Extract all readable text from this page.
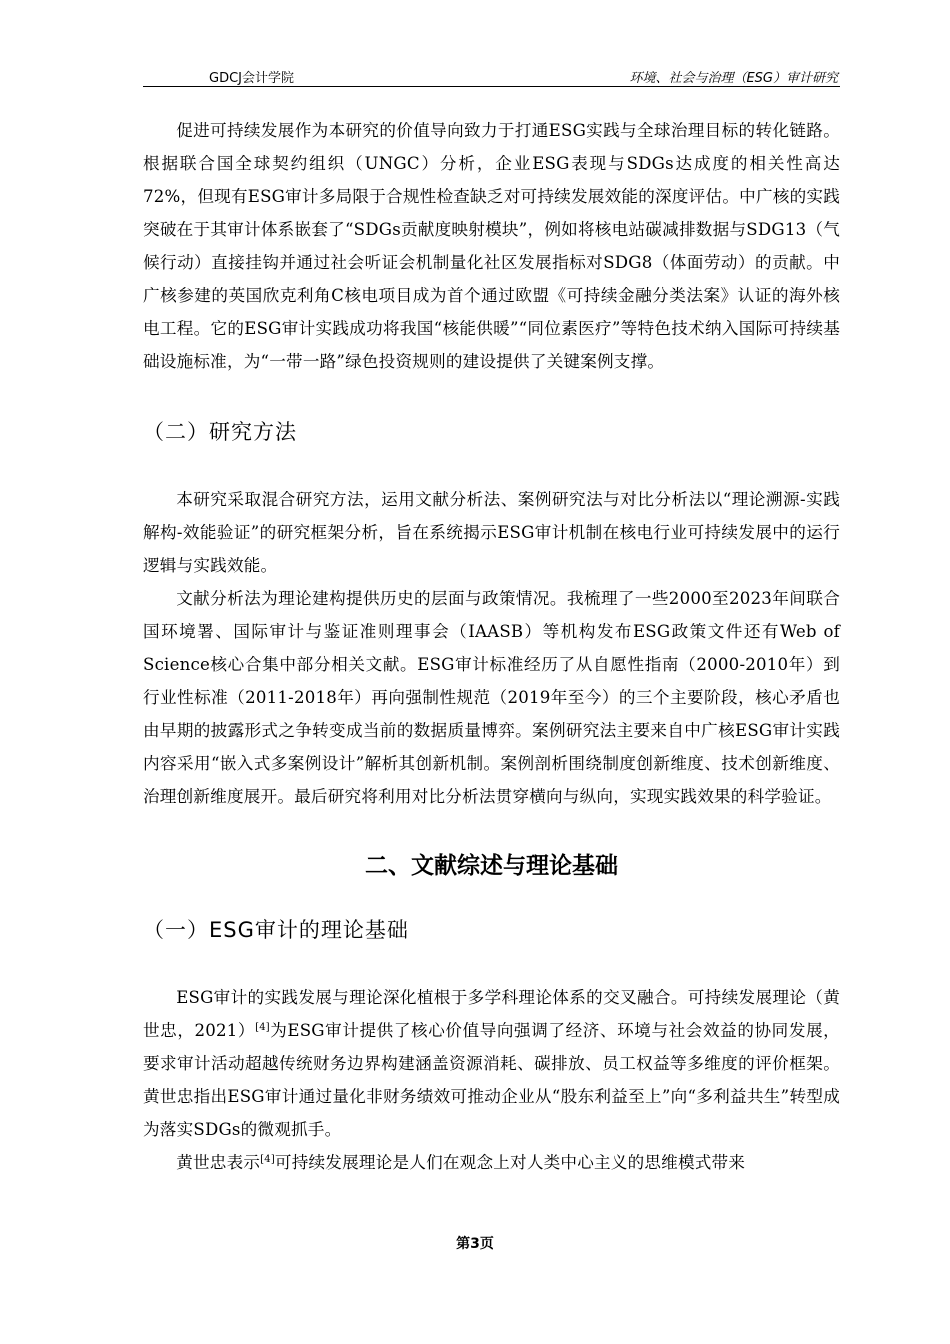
GDCJ会计学院	环境、社会与治理（ESG）审计研究

促进可持续发展作为本研究的价值导向致力于打通ESG实践与全球治理目标的转化链路。根据联合国全球契约组织（UNGC）分析，企业ESG表现与SDGs达成度的相关性高达72%，但现有ESG审计多局限于合规性检查缺乏对可持续发展效能的深度评估。中广核的实践突破在于其审计体系嵌套了“SDGs贡献度映射模块”，例如将核电站碳减排数据与SDG13（气候行动）直接挂钩并通过社会听证会机制量化社区发展指标对SDG8（体面劳动）的贡献。中广核参建的英国欣克利角C核电项目成为首个通过欧盟《可持续金融分类法案》认证的海外核电工程。它的ESG审计实践成功将我国“核能供暖”“同位素医疗”等特色技术纳入国际可持续基础设施标准，为“一带一路”绿色投资规则的建设提供了关键案例支撑。

（二）研究方法

本研究采取混合研究方法，运用文献分析法、案例研究法与对比分析法以“理论溯源-实践解构-效能验证”的研究框架分析，旨在系统揭示ESG审计机制在核电行业可持续发展中的运行逻辑与实践效能。

文献分析法为理论建构提供历史的层面与政策情况。我梳理了一些2000至2023年间联合国环境署、国际审计与鉴证准则理事会（IAASB）等机构发布ESG政策文件还有Web of Science核心合集中部分相关文献。ESG审计标准经历了从自愿性指南（2000-2010年）到行业性标准（2011-2018年）再向强制性规范（2019年至今）的三个主要阶段，核心矛盾也由早期的披露形式之争转变成当前的数据质量博弈。案例研究法主要来自中广核ESG审计实践内容采用“嵌入式多案例设计”解析其创新机制。案例剖析围绕制度创新维度、技术创新维度、治理创新维度展开。最后研究将利用对比分析法贯穿横向与纵向，实现实践效果的科学验证。

二、文献综述与理论基础
（一）ESG审计的理论基础

ESG审计的实践发展与理论深化植根于多学科理论体系的交叉融合。可持续发展理论（黄世忠，2021）[4]为ESG审计提供了核心价值导向强调了经济、环境与社会效益的协同发展，要求审计活动超越传统财务边界构建涵盖资源消耗、碳排放、员工权益等多维度的评价框架。黄世忠指出ESG审计通过量化非财务绩效可推动企业从“股东利益至上”向“多利益共生”转型成为落实SDGs的微观抓手。

黄世忠表示[4]可持续发展理论是人们在观念上对人类中心主义的思维模式带来

第3页
